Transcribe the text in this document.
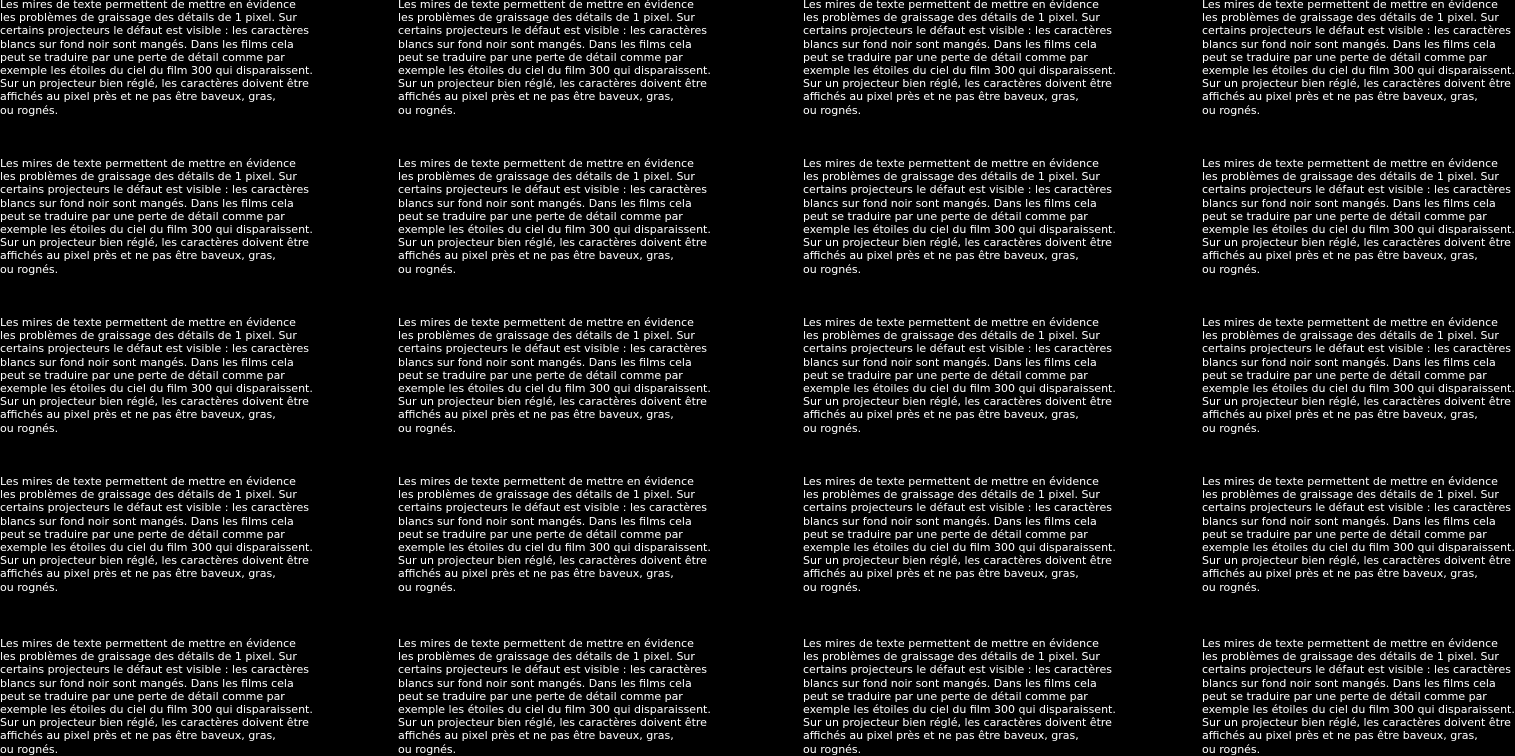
Les mires de texte permettent de mettre en évidence
les problèmes de graissage des détails de 1 pixel. Sur
certains projecteurs le défaut est visible : les caractères
blancs sur fond noir sont mangés. Dans les films cela
peut se traduire par une perte de détail comme par
exemple les étoiles du ciel du film 300 qui disparaissent.
Sur un projecteur bien réglé, les caractères doivent être
affichés au pixel près et ne pas être baveux, gras,
ou rognés.

Les mires de texte permettent de mettre en évidence
les problèmes de graissage des détails de 1 pixel. Sur
certains projecteurs le défaut est visible : les caractères
blancs sur fond noir sont mangés. Dans les films cela
peut se traduire par une perte de détail comme par
exemple les étoiles du ciel du film 300 qui disparaissent.
Sur un projecteur bien réglé, les caractères doivent être
affichés au pixel près et ne pas être baveux, gras,
ou rognés.

Les mires de texte permettent de mettre en évidence
les problèmes de graissage des détails de 1 pixel. Sur
certains projecteurs le défaut est visible : les caractères
blancs sur fond noir sont mangés. Dans les films cela
peut se traduire par une perte de détail comme par
exemple les étoiles du ciel du film 300 qui disparaissent.
Sur un projecteur bien réglé, les caractères doivent être
affichés au pixel près et ne pas être baveux, gras,
ou rognés.

Les mires de texte permettent de mettre en évidence
les problèmes de graissage des détails de 1 pixel. Sur
certains projecteurs le défaut est visible : les caractères
blancs sur fond noir sont mangés. Dans les films cela
peut se traduire par une perte de détail comme par
exemple les étoiles du ciel du film 300 qui disparaissent.
Sur un projecteur bien réglé, les caractères doivent être
affichés au pixel près et ne pas être baveux, gras,
ou rognés.

Les mires de texte permettent de mettre en évidence
les problèmes de graissage des détails de 1 pixel. Sur
certains projecteurs le défaut est visible : les caractères
blancs sur fond noir sont mangés. Dans les films cela
peut se traduire par une perte de détail comme par
exemple les étoiles du ciel du film 300 qui disparaissent.
Sur un projecteur bien réglé, les caractères doivent être
affichés au pixel près et ne pas être baveux, gras,
ou rognés.

Les mires de texte permettent de mettre en évidence
les problèmes de graissage des détails de 1 pixel. Sur
certains projecteurs le défaut est visible : les caractères
blancs sur fond noir sont mangés. Dans les films cela
peut se traduire par une perte de détail comme par
exemple les étoiles du ciel du film 300 qui disparaissent.
Sur un projecteur bien réglé, les caractères doivent être
affichés au pixel près et ne pas être baveux, gras,
ou rognés.

Les mires de texte permettent de mettre en évidence
les problèmes de graissage des détails de 1 pixel. Sur
certains projecteurs le défaut est visible : les caractères
blancs sur fond noir sont mangés. Dans les films cela
peut se traduire par une perte de détail comme par
exemple les étoiles du ciel du film 300 qui disparaissent.
Sur un projecteur bien réglé, les caractères doivent être
affichés au pixel près et ne pas être baveux, gras,
ou rognés.

Les mires de texte permettent de mettre en évidence
les problèmes de graissage des détails de 1 pixel. Sur
certains projecteurs le défaut est visible : les caractères
blancs sur fond noir sont mangés. Dans les films cela
peut se traduire par une perte de détail comme par
exemple les étoiles du ciel du film 300 qui disparaissent.
Sur un projecteur bien réglé, les caractères doivent être
affichés au pixel près et ne pas être baveux, gras,
ou rognés.

Les mires de texte permettent de mettre en évidence
les problèmes de graissage des détails de 1 pixel. Sur
certains projecteurs le défaut est visible : les caractères
blancs sur fond noir sont mangés. Dans les films cela
peut se traduire par une perte de détail comme par
exemple les étoiles du ciel du film 300 qui disparaissent.
Sur un projecteur bien réglé, les caractères doivent être
affichés au pixel près et ne pas être baveux, gras,
ou rognés.

Les mires de texte permettent de mettre en évidence
les problèmes de graissage des détails de 1 pixel. Sur
certains projecteurs le défaut est visible : les caractères
blancs sur fond noir sont mangés. Dans les films cela
peut se traduire par une perte de détail comme par
exemple les étoiles du ciel du film 300 qui disparaissent.
Sur un projecteur bien réglé, les caractères doivent être
affichés au pixel près et ne pas être baveux, gras,
ou rognés.

Les mires de texte permettent de mettre en évidence
les problèmes de graissage des détails de 1 pixel. Sur
certains projecteurs le défaut est visible : les caractères
blancs sur fond noir sont mangés. Dans les films cela
peut se traduire par une perte de détail comme par
exemple les étoiles du ciel du film 300 qui disparaissent.
Sur un projecteur bien réglé, les caractères doivent être
affichés au pixel près et ne pas être baveux, gras,
ou rognés.

Les mires de texte permettent de mettre en évidence
les problèmes de graissage des détails de 1 pixel. Sur
certains projecteurs le défaut est visible : les caractères
blancs sur fond noir sont mangés. Dans les films cela
peut se traduire par une perte de détail comme par
exemple les étoiles du ciel du film 300 qui disparaissent.
Sur un projecteur bien réglé, les caractères doivent être
affichés au pixel près et ne pas être baveux, gras,
ou rognés.

Les mires de texte permettent de mettre en évidence
les problèmes de graissage des détails de 1 pixel. Sur
certains projecteurs le défaut est visible : les caractères
blancs sur fond noir sont mangés. Dans les films cela
peut se traduire par une perte de détail comme par
exemple les étoiles du ciel du film 300 qui disparaissent.
Sur un projecteur bien réglé, les caractères doivent être
affichés au pixel près et ne pas être baveux, gras,
ou rognés.

Les mires de texte permettent de mettre en évidence
les problèmes de graissage des détails de 1 pixel. Sur
certains projecteurs le défaut est visible : les caractères
blancs sur fond noir sont mangés. Dans les films cela
peut se traduire par une perte de détail comme par
exemple les étoiles du ciel du film 300 qui disparaissent.
Sur un projecteur bien réglé, les caractères doivent être
affichés au pixel près et ne pas être baveux, gras,
ou rognés.

Les mires de texte permettent de mettre en évidence
les problèmes de graissage des détails de 1 pixel. Sur
certains projecteurs le défaut est visible : les caractères
blancs sur fond noir sont mangés. Dans les films cela
peut se traduire par une perte de détail comme par
exemple les étoiles du ciel du film 300 qui disparaissent.
Sur un projecteur bien réglé, les caractères doivent être
affichés au pixel près et ne pas être baveux, gras,
ou rognés.

Les mires de texte permettent de mettre en évidence
les problèmes de graissage des détails de 1 pixel. Sur
certains projecteurs le défaut est visible : les caractères
blancs sur fond noir sont mangés. Dans les films cela
peut se traduire par une perte de détail comme par
exemple les étoiles du ciel du film 300 qui disparaissent.
Sur un projecteur bien réglé, les caractères doivent être
affichés au pixel près et ne pas être baveux, gras,
ou rognés.

Les mires de texte permettent de mettre en évidence
les problèmes de graissage des détails de 1 pixel. Sur
certains projecteurs le défaut est visible : les caractères
blancs sur fond noir sont mangés. Dans les films cela
peut se traduire par une perte de détail comme par
exemple les étoiles du ciel du film 300 qui disparaissent.
Sur un projecteur bien réglé, les caractères doivent être
affichés au pixel près et ne pas être baveux, gras,
ou rognés.

Les mires de texte permettent de mettre en évidence
les problèmes de graissage des détails de 1 pixel. Sur
certains projecteurs le défaut est visible : les caractères
blancs sur fond noir sont mangés. Dans les films cela
peut se traduire par une perte de détail comme par
exemple les étoiles du ciel du film 300 qui disparaissent.
Sur un projecteur bien réglé, les caractères doivent être
affichés au pixel près et ne pas être baveux, gras,
ou rognés.

Les mires de texte permettent de mettre en évidence
les problèmes de graissage des détails de 1 pixel. Sur
certains projecteurs le défaut est visible : les caractères
blancs sur fond noir sont mangés. Dans les films cela
peut se traduire par une perte de détail comme par
exemple les étoiles du ciel du film 300 qui disparaissent.
Sur un projecteur bien réglé, les caractères doivent être
affichés au pixel près et ne pas être baveux, gras,
ou rognés.

Les mires de texte permettent de mettre en évidence
les problèmes de graissage des détails de 1 pixel. Sur
certains projecteurs le défaut est visible : les caractères
blancs sur fond noir sont mangés. Dans les films cela
peut se traduire par une perte de détail comme par
exemple les étoiles du ciel du film 300 qui disparaissent.
Sur un projecteur bien réglé, les caractères doivent être
affichés au pixel près et ne pas être baveux, gras,
ou rognés.
